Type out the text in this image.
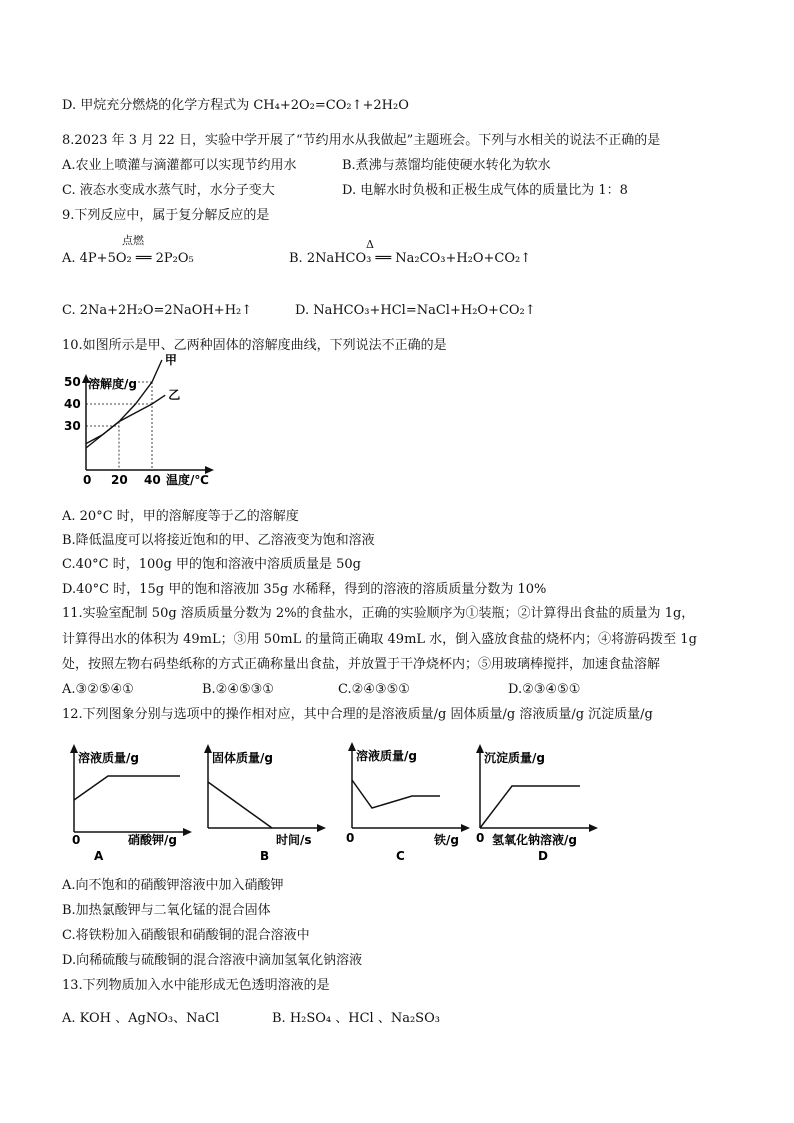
D. 甲烷充分燃烧的化学方程式为 CH₄+2O₂=CO₂↑+2H₂O
8.2023 年 3 月 22 日，实验中学开展了“节约用水从我做起”主题班会。下列与水相关的说法不正确的是
A.农业上喷灌与滴灌都可以实现节约用水	B.煮沸与蒸馏均能使硬水转化为软水
C. 液态水变成水蒸气时，水分子变大	D. 电解水时负极和正极生成气体的质量比为 1：8
9.下列反应中，属于复分解反应的是
点燃
A. 4P+5O₂ ══ 2P₂O₅
Δ
B. 2NaHCO₃ ══ Na₂CO₃+H₂O+CO₂↑
C. 2Na+2H₂O=2NaOH+H₂↑	D. NaHCO₃+HCl=NaCl+H₂O+CO₂↑
10.如图所示是甲、乙两种固体的溶解度曲线，下列说法不正确的是
甲
乙
30
40
50
0 20 40
溶解度/g
温度/℃
A. 20°C 时，甲的溶解度等于乙的溶解度
B.降低温度可以将接近饱和的甲、乙溶液变为饱和溶液
C.40°C 时，100g 甲的饱和溶液中溶质质量是 50g
D.40°C 时，15g 甲的饱和溶液加 35g 水稀释，得到的溶液的溶质质量分数为 10%
11.实验室配制 50g 溶质质量分数为 2%的食盐水，正确的实验顺序为①装瓶；②计算得出食盐的质量为 1g，
计算得出水的体积为 49mL；③用 50mL 的量筒正确取 49mL 水，倒入盛放食盐的烧杯内；④将游码拨至 1g
处，按照左物右码垫纸称的方式正确称量出食盐，并放置于干净烧杯内；⑤用玻璃棒搅拌，加速食盐溶解
A.③②⑤④①	B.②④⑤③①	C.②④③⑤①	D.②③④⑤①
12.下列图象分别与选项中的操作相对应，其中合理的是溶液质量/g 固体质量/g 溶液质量/g 沉淀质量/g
溶液质量/g
0	硝酸钾/g
A
固体质量/g
时间/s
B
溶液质量/g
0	铁/g
C
沉淀质量/g
0 氢氧化钠溶液/g
D
A.向不饱和的硝酸钾溶液中加入硝酸钾
B.加热氯酸钾与二氧化锰的混合固体
C.将铁粉加入硝酸银和硝酸铜的混合溶液中
D.向稀硫酸与硫酸铜的混合溶液中滴加氢氧化钠溶液
13.下列物质加入水中能形成无色透明溶液的是
A. KOH 、AgNO₃、NaCl	B. H₂SO₄ 、HCl 、Na₂SO₃
